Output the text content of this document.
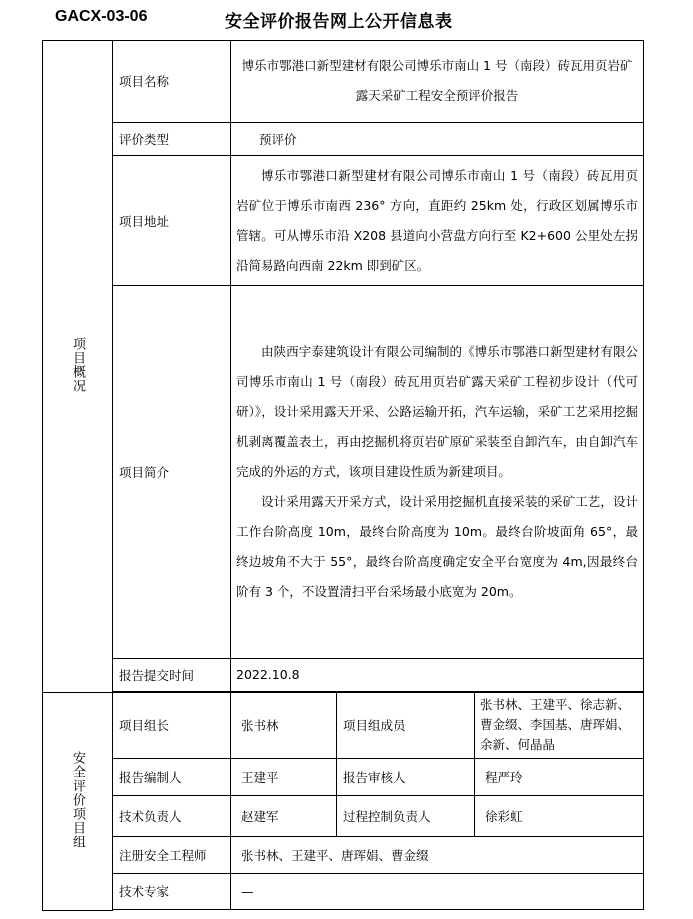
GACX-03-06	安全评价报告网上公开信息表
项目概况	项目名称	博乐市鄂港口新型建材有限公司博乐市南山 1 号（南段）砖瓦用页岩矿露天采矿工程安全预评价报告		

	评价类型	预评价		
	项目地址	博乐市鄂港口新型建材有限公司博乐市南山 1 号（南段）砖瓦用页岩矿位于博乐市南西 236° 方向，直距约 25km 处，行政区划属博乐市管辖。可从博乐市沿 X208 县道向小营盘方向行至 K2+600 公里处左拐沿简易路向西南 22km 即到矿区。		

	项目简介	由陕西宇泰建筑设计有限公司编制的《博乐市鄂港口新型建材有限公司博乐市南山 1 号（南段）砖瓦用页岩矿露天采矿工程初步设计（代可研）》，设计采用露天开采、公路运输开拓，汽车运输，采矿工艺采用挖掘机剥离覆盖表土，再由挖掘机将页岩矿原矿采装至自卸汽车，由自卸汽车完成的外运的方式，该项目建设性质为新建项目。

设计采用露天开采方式，设计采用挖掘机直接采装的采矿工艺，设计工作台阶高度 10m，最终台阶高度为 10m。最终台阶坡面角 65°，最终边坡角不大于 55°，最终台阶高度确定安全平台宽度为 4m,因最终台阶有 3 个，不设置清扫平台采场最小底宽为 20m。		

	报告提交时间	2022.10.8		

安全评价项目组	项目组长	张书林	项目组成员	张书林、王建平、徐志新、曹金缀、李国基、唐珲娟、余新、何晶晶
	报告编制人	王建平	报告审核人	程严玲
	技术负责人	赵建军	过程控制负责人	徐彩虹
	注册安全工程师	张书林、王建平、唐珲娟、曹金缀		
	技术专家	—		
